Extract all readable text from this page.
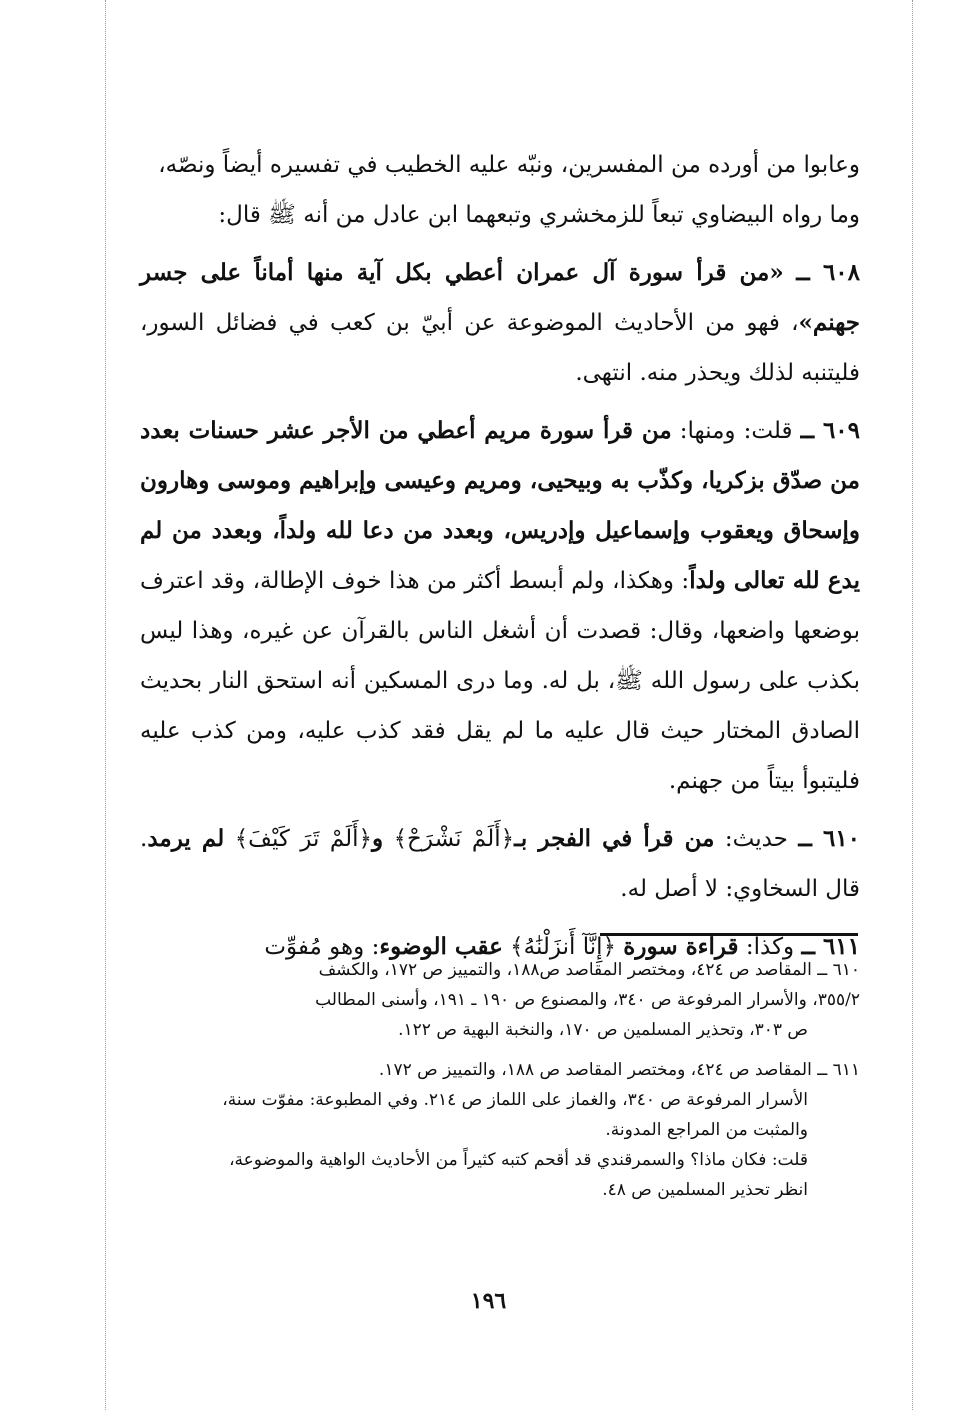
وعابوا من أورده من المفسرين، ونبّه عليه الخطيب في تفسيره أيضاً ونصّه،
وما رواه البيضاوي تبعاً للزمخشري وتبعهما ابن عادل من أنه ﷺ قال:

٦٠٨ ــ «من قرأ سورة آل عمران أعطي بكل آية منها أماناً على جسر جهنم»، فهو من الأحاديث الموضوعة عن أبيّ بن كعب في فضائل السور، فليتنبه لذلك ويحذر منه. انتهى.

٦٠٩ ــ قلت: ومنها: من قرأ سورة مريم أعطي من الأجر عشر حسنات بعدد من صدّق بزكريا، وكذّب به وبيحيى، ومريم وعيسى وإبراهيم وموسى وهارون وإسحاق ويعقوب وإسماعيل وإدريس، وبعدد من دعا لله ولداً، وبعدد من لم يدع لله تعالى ولداً: وهكذا، ولم أبسط أكثر من هذا خوف الإطالة، وقد اعترف بوضعها واضعها، وقال: قصدت أن أشغل الناس بالقرآن عن غيره، وهذا ليس بكذب على رسول الله ﷺ، بل له. وما درى المسكين أنه استحق النار بحديث الصادق المختار حيث قال عليه ما لم يقل فقد كذب عليه، ومن كذب عليه فليتبوأ بيتاً من جهنم.

٦١٠ ــ حديث: من قرأ في الفجر بـ﴿أَلَمْ نَشْرَحْ﴾ و﴿أَلَمْ تَرَ كَيْفَ﴾ لم يرمد. قال السخاوي: لا أصل له.

٦١١ ــ وكذا: قراءة سورة ﴿إِنَّآ أَنزَلْنَٰهُ﴾ عقب الوضوء: وهو مُفوِّت

٦١٠ ــ المقاصد ص ٤٢٤، ومختصر المقاصد ص١٨٨، والتمييز ص ١٧٢، والكشف
٣٥٥/٢، والأسرار المرفوعة ص ٣٤٠، والمصنوع ص ١٩٠ ـ ١٩١، وأسنى المطالب
ص ٣٠٣، وتحذير المسلمين ص ١٧٠، والنخبة البهية ص ١٢٢.

٦١١ ــ المقاصد ص ٤٢٤، ومختصر المقاصد ص ١٨٨، والتمييز ص ١٧٢.
الأسرار المرفوعة ص ٣٤٠، والغماز على اللماز ص ٢١٤. وفي المطبوعة: مفوّت سنة،
والمثبت من المراجع المدونة.
قلت: فكان ماذا؟ والسمرقندي قد أقحم كتبه كثيراً من الأحاديث الواهية والموضوعة،
انظر تحذير المسلمين ص ٤٨.

١٩٦
